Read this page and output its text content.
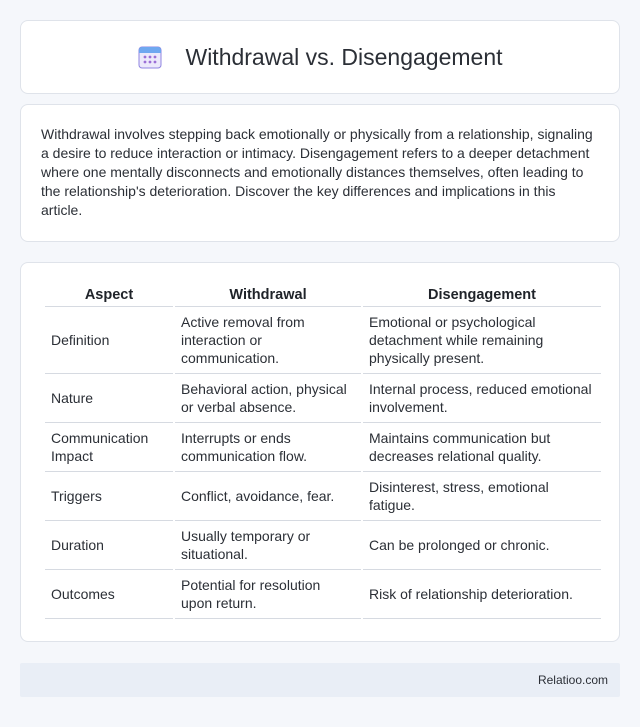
Withdrawal vs. Disengagement

Withdrawal involves stepping back emotionally or physically from a relationship, signaling a desire to reduce interaction or intimacy. Disengagement refers to a deeper detachment where one mentally disconnects and emotionally distances themselves, often leading to the relationship's deterioration. Discover the key differences and implications in this article.

Aspect	Withdrawal	Disengagement
Definition	Active removal from interaction or communication.	Emotional or psychological detachment while remaining physically present.
Nature	Behavioral action, physical or verbal absence.	Internal process, reduced emotional involvement.
Communication Impact	Interrupts or ends communication flow.	Maintains communication but decreases relational quality.
Triggers	Conflict, avoidance, fear.	Disinterest, stress, emotional fatigue.
Duration	Usually temporary or situational.	Can be prolonged or chronic.
Outcomes	Potential for resolution upon return.	Risk of relationship deterioration.
Relatioo.com
